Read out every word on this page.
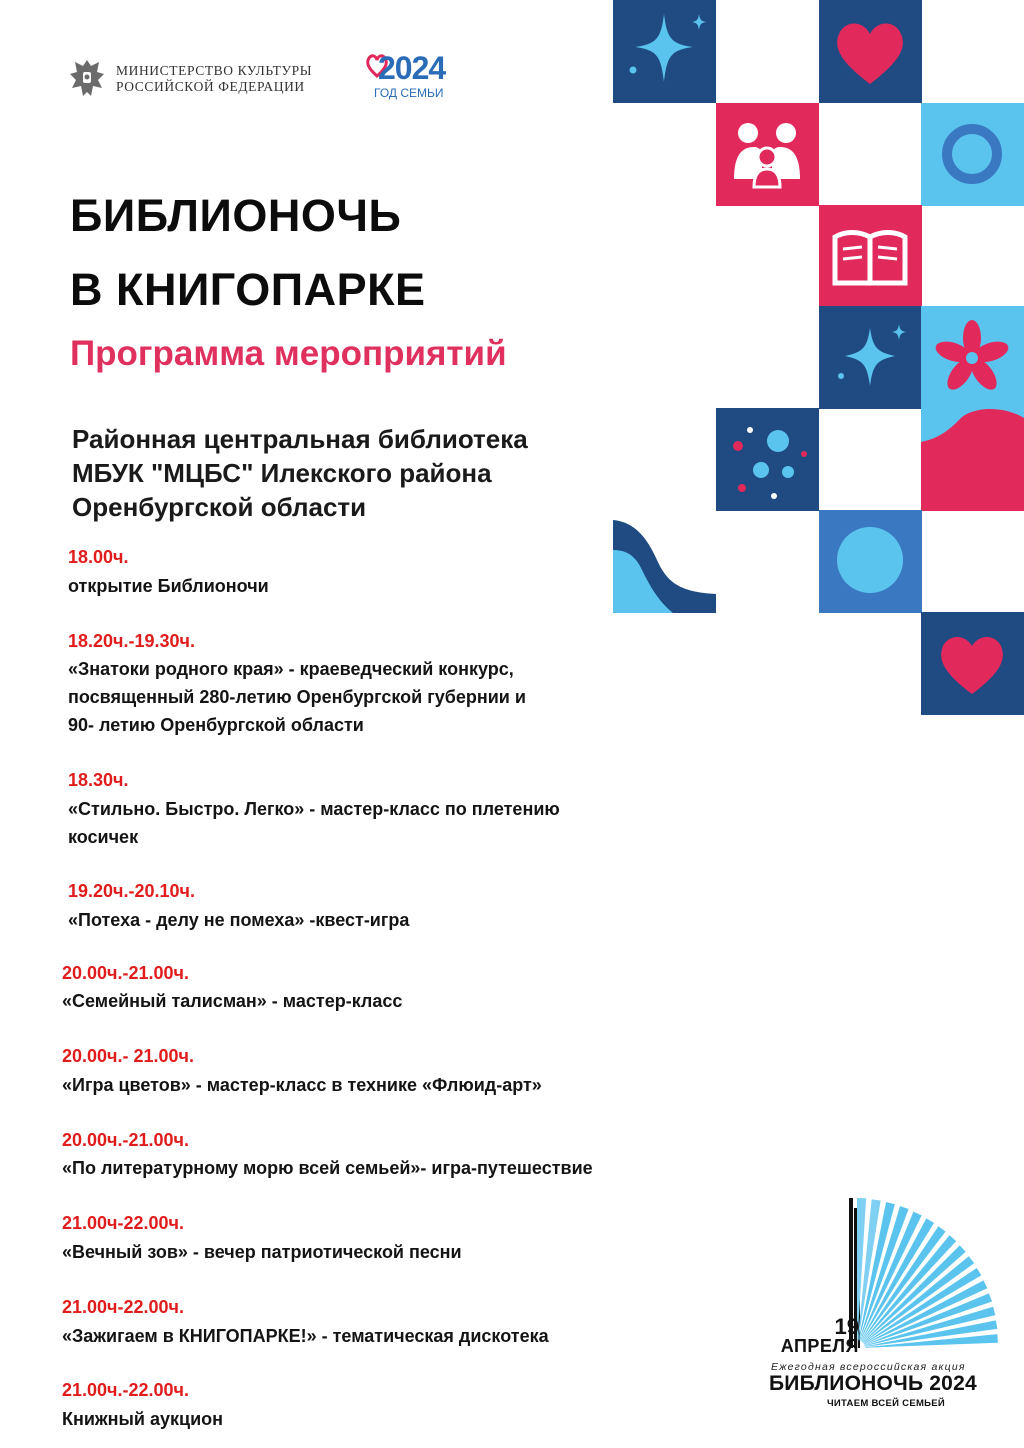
МИНИСТЕРСТВО КУЛЬТУРЫ
РОССИЙСКОЙ ФЕДЕРАЦИИ
2024
ГОД СЕМЬИ
БИБЛИОНОЧЬ
В КНИГОПАРКЕ
Программа мероприятий
Районная центральная библиотека
МБУК "МЦБС" Илекского района
Оренбургской области
18.00ч.
открытие Библионочи
18.20ч.-19.30ч.
«Знатоки родного края» - краеведческий конкурс,
посвященный 280-летию Оренбургской губернии и
90- летию Оренбургской области
18.30ч.
«Стильно. Быстро. Легко» - мастер-класс по плетению
косичек
19.20ч.-20.10ч.
«Потеха - делу не помеха» -квест-игра
20.00ч.-21.00ч.
«Семейный талисман» - мастер-класс
20.00ч.- 21.00ч.
«Игра цветов» - мастер-класс в технике «Флюид-арт»
20.00ч.-21.00ч.
«По литературному морю всей семьей»- игра-путешествие
21.00ч-22.00ч.
«Вечный зов» - вечер патриотической песни
21.00ч-22.00ч.
«Зажигаем в КНИГОПАРКЕ!» - тематическая дискотека
21.00ч.-22.00ч.
Книжный аукцион
19
АПРЕЛЯ
Ежегодная всероссийская акция
БИБЛИОНОЧЬ 2024
ЧИТАЕМ ВСЕЙ СЕМЬЕЙ
